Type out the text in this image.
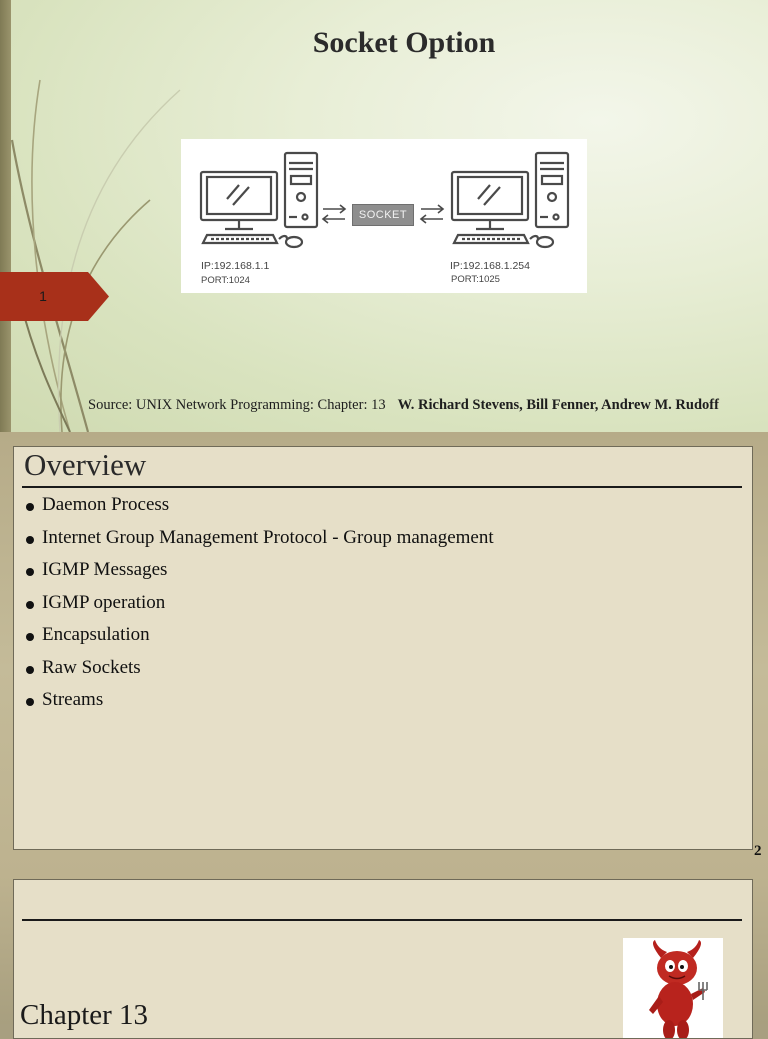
Socket Option
SOCKET
IP:192.168.1.1
PORT:1024
IP:192.168.1.254
PORT:1025
1
Source: UNIX Network Programming: Chapter: 13 W. Richard Stevens, Bill Fenner, Andrew M. Rudoff
Overview
Daemon Process
Internet Group Management Protocol - Group management
IGMP Messages
IGMP operation
Encapsulation
Raw Sockets
Streams
2
Chapter 13
